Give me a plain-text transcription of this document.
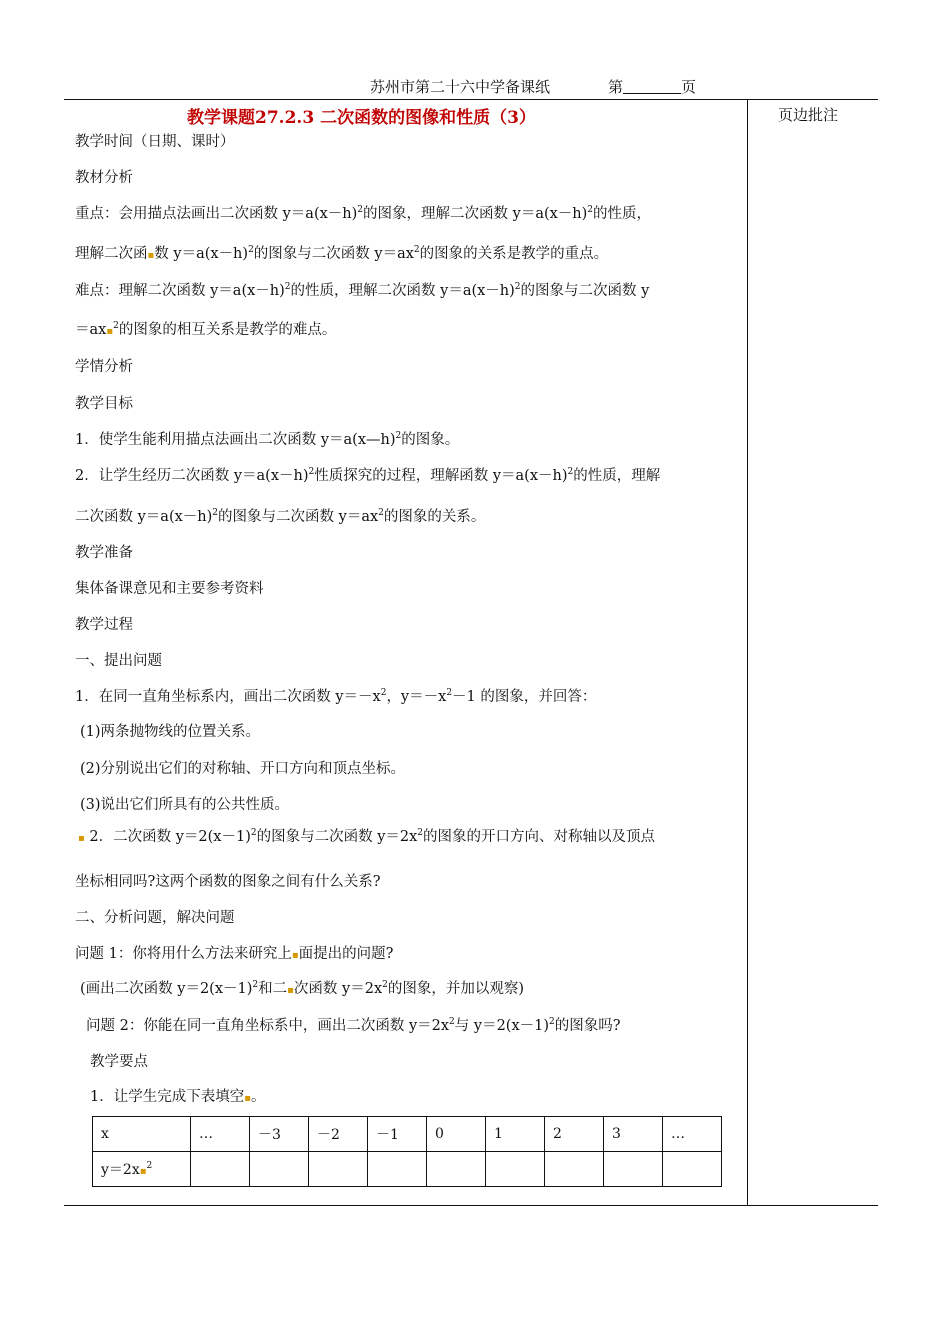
苏州市第二十六中学备课纸	第	页
页边批注
教学课题27.2.3 二次函数的图像和性质（3）
教学时间（日期、课时）
教材分析
重点：会用描点法画出二次函数 $y=a(x-h)^2$的图象，理解二次函数 $y=a(x-h)^2$的性质，
理解二次函▪数 $y=a(x-h)^2$的图象与二次函数 $y=ax^2$的图象的关系是教学的重点。
难点：理解二次函数 $y=a(x-h)^2$的性质，理解二次函数 $y=a(x-h)^2$的图象与二次函数 y
＝ax▪$^2$的图象的相互关系是教学的难点。
学情分析
教学目标
1．使学生能利用描点法画出二次函数 y＝a(x—h)$^2$的图象。
2．让学生经历二次函数 $y=a(x-h)^2$性质探究的过程，理解函数 $y=a(x-h)^2$的性质，理解
二次函数 $y=a(x-h)^2$的图象与二次函数 $y=ax^2$的图象的关系。
教学准备
集体备课意见和主要参考资料
教学过程
一、提出问题
1．在同一直角坐标系内，画出二次函数 $y=-x^2$，$y=-x^2-1$ 的图象，并回答：
(1)两条抛物线的位置关系。
(2)分别说出它们的对称轴、开口方向和顶点坐标。
(3)说出它们所具有的公共性质。
▪ 2．二次函数 $y=2(x-1)^2$的图象与二次函数 $y=2x^2$的图象的开口方向、对称轴以及顶点
坐标相同吗?这两个函数的图象之间有什么关系?
二、分析问题，解决问题
问题 1：你将用什么方法来研究上▪面提出的问题?
(画出二次函数 $y=2(x-1)^2$和二▪次函数 $y=2x^2$的图象，并加以观察)
问题 2：你能在同一直角坐标系中，画出二次函数 $y=2x^2$与 $y=2(x-1)^2$的图象吗?
教学要点
1．让学生完成下表填空▪。
x	…	－3	－2	－1	0	1	2	3	…
y＝2x▪$^2$									
